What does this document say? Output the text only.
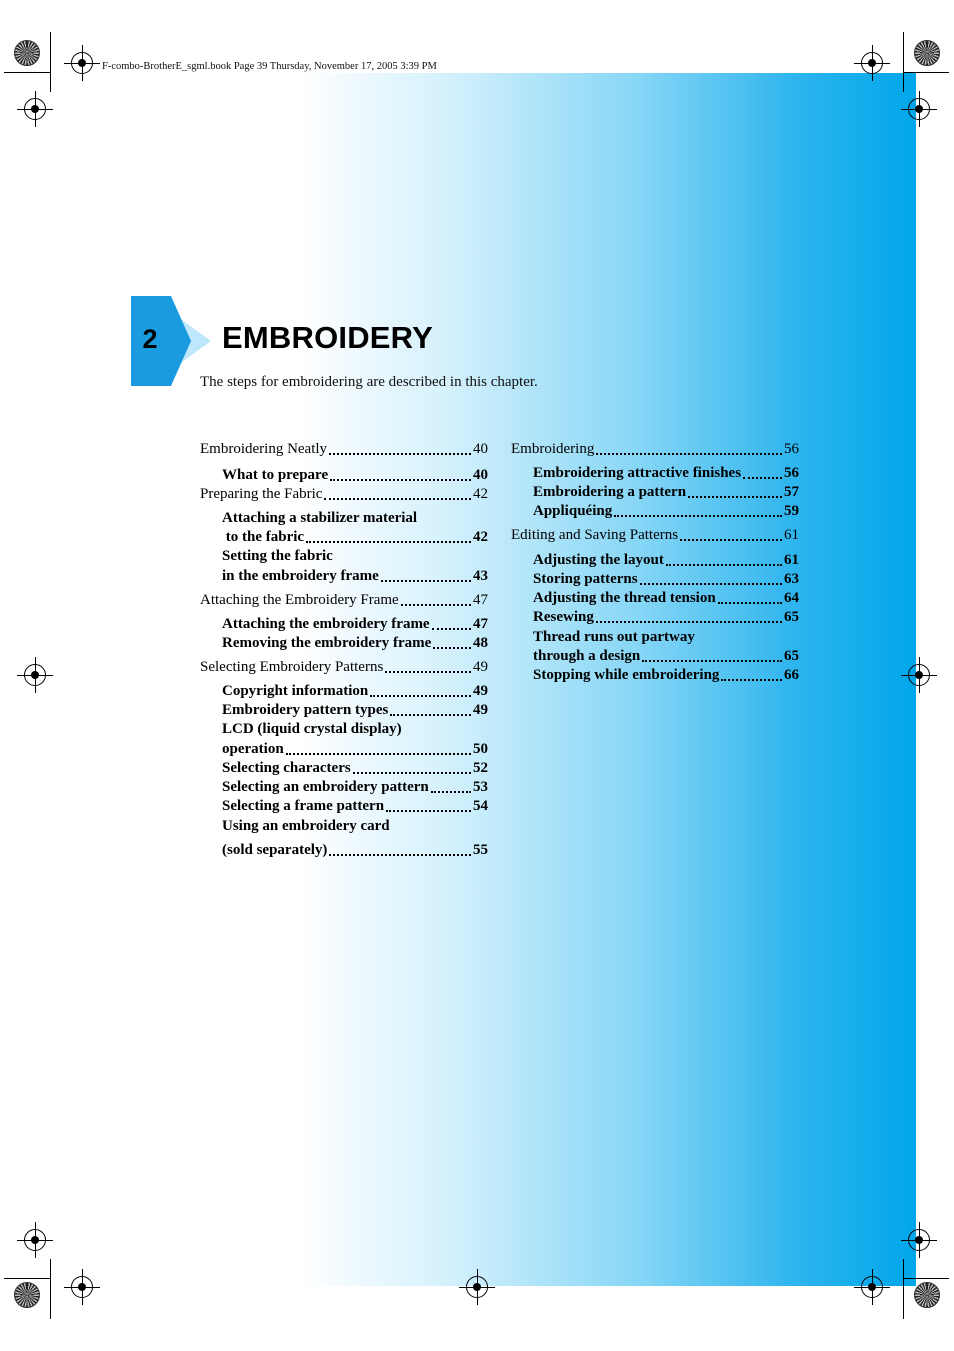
F-combo-BrotherE_sgml.book Page 39 Thursday, November 17, 2005 3:39 PM
2 EMBROIDERY
The steps for embroidering are described in this chapter.
Embroidering Neatly	40
What to prepare	40
Preparing the Fabric	42
Attaching a stabilizer material
to the fabric	42
Setting the fabric
in the embroidery frame	43
Attaching the Embroidery Frame	47
Attaching the embroidery frame	47
Removing the embroidery frame	48
Selecting Embroidery Patterns	49
Copyright information	49
Embroidery pattern types	49
LCD (liquid crystal display)
operation	50
Selecting characters	52
Selecting an embroidery pattern	53
Selecting a frame pattern	54
Using an embroidery card
(sold separately)	55
Embroidering	56
Embroidering attractive finishes	56
Embroidering a pattern	57
Appliquéing	59
Editing and Saving Patterns	61
Adjusting the layout	61
Storing patterns	63
Adjusting the thread tension	64
Resewing	65
Thread runs out partway
through a design	65
Stopping while embroidering	66
